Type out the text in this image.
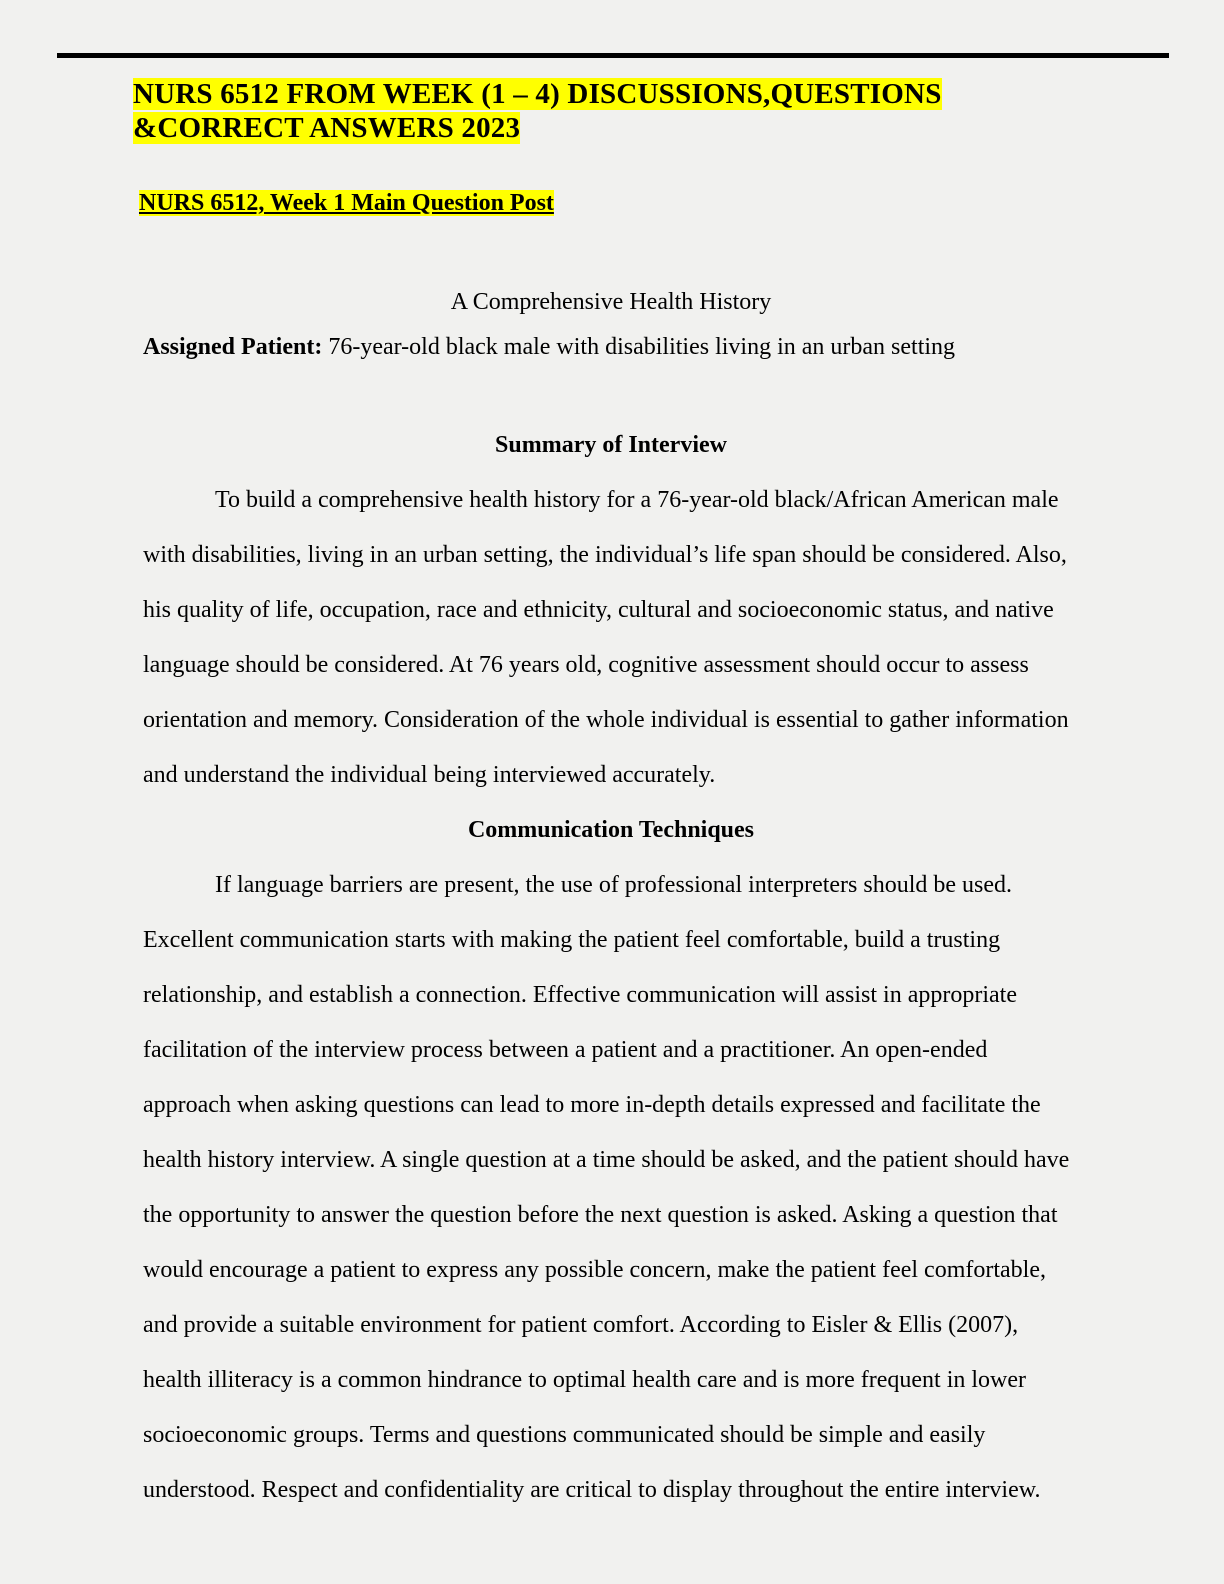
NURS 6512 FROM WEEK (1 – 4) DISCUSSIONS,QUESTIONS &CORRECT ANSWERS 2023
NURS 6512, Week 1 Main Question Post

A Comprehensive Health History

Assigned Patient: 76-year-old black male with disabilities living in an urban setting

Summary of Interview

To build a comprehensive health history for a 76-year-old black/African American male with disabilities, living in an urban setting, the individual’s life span should be considered. Also, his quality of life, occupation, race and ethnicity, cultural and socioeconomic status, and native language should be considered. At 76 years old, cognitive assessment should occur to assess orientation and memory. Consideration of the whole individual is essential to gather information and understand the individual being interviewed accurately.

Communication Techniques

If language barriers are present, the use of professional interpreters should be used. Excellent communication starts with making the patient feel comfortable, build a trusting relationship, and establish a connection. Effective communication will assist in appropriate facilitation of the interview process between a patient and a practitioner. An open-ended approach when asking questions can lead to more in-depth details expressed and facilitate the health history interview. A single question at a time should be asked, and the patient should have the opportunity to answer the question before the next question is asked. Asking a question that would encourage a patient to express any possible concern, make the patient feel comfortable, and provide a suitable environment for patient comfort. According to Eisler & Ellis (2007), health illiteracy is a common hindrance to optimal health care and is more frequent in lower socioeconomic groups. Terms and questions communicated should be simple and easily understood. Respect and confidentiality are critical to display throughout the entire interview.
